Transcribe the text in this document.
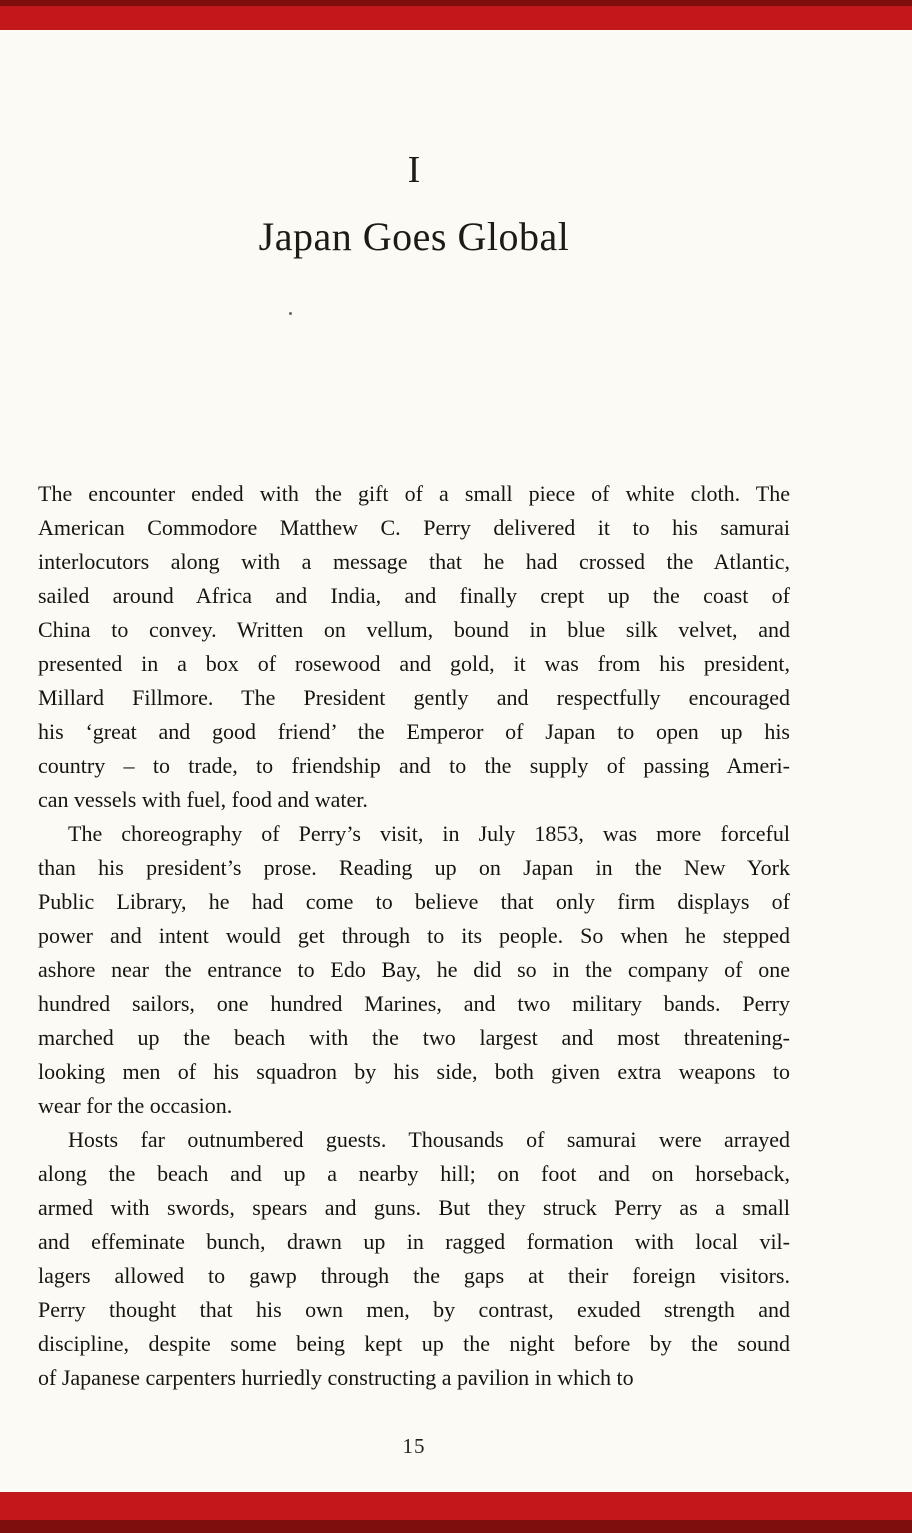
I
Japan Goes Global
The encounter ended with the gift of a small piece of white cloth. The
American Commodore Matthew C. Perry delivered it to his samurai
interlocutors along with a message that he had crossed the Atlantic,
sailed around Africa and India, and finally crept up the coast of
China to convey. Written on vellum, bound in blue silk velvet, and
presented in a box of rosewood and gold, it was from his president,
Millard Fillmore. The President gently and respectfully encouraged
his ‘great and good friend’ the Emperor of Japan to open up his
country – to trade, to friendship and to the supply of passing Ameri-
can vessels with fuel, food and water.
The choreography of Perry’s visit, in July 1853, was more forceful
than his president’s prose. Reading up on Japan in the New York
Public Library, he had come to believe that only firm displays of
power and intent would get through to its people. So when he stepped
ashore near the entrance to Edo Bay, he did so in the company of one
hundred sailors, one hundred Marines, and two military bands. Perry
marched up the beach with the two largest and most threatening-
looking men of his squadron by his side, both given extra weapons to
wear for the occasion.
Hosts far outnumbered guests. Thousands of samurai were arrayed
along the beach and up a nearby hill; on foot and on horseback,
armed with swords, spears and guns. But they struck Perry as a small
and effeminate bunch, drawn up in ragged formation with local vil-
lagers allowed to gawp through the gaps at their foreign visitors.
Perry thought that his own men, by contrast, exuded strength and
discipline, despite some being kept up the night before by the sound
of Japanese carpenters hurriedly constructing a pavilion in which to
15
